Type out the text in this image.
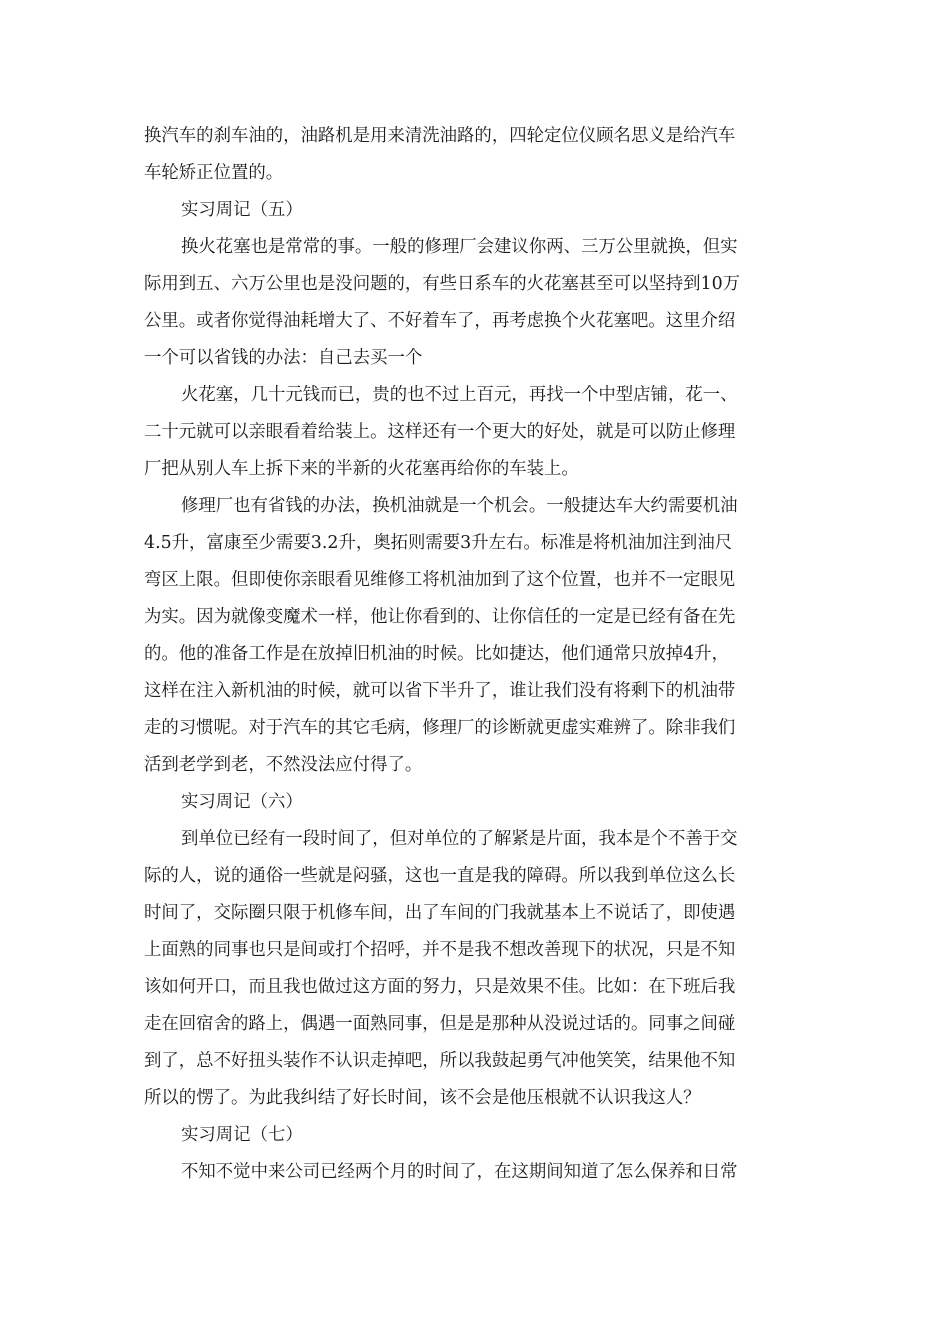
换汽车的刹车油的，油路机是用来清洗油路的，四轮定位仪顾名思义是给汽车
车轮矫正位置的。
实习周记（五）
换火花塞也是常常的事。一般的修理厂会建议你两、三万公里就换，但实
际用到五、六万公里也是没问题的，有些日系车的火花塞甚至可以坚持到10万
公里。或者你觉得油耗增大了、不好着车了，再考虑换个火花塞吧。这里介绍
一个可以省钱的办法：自己去买一个
火花塞，几十元钱而已，贵的也不过上百元，再找一个中型店铺，花一、
二十元就可以亲眼看着给装上。这样还有一个更大的好处，就是可以防止修理
厂把从别人车上拆下来的半新的火花塞再给你的车装上。
修理厂也有省钱的办法，换机油就是一个机会。一般捷达车大约需要机油
4.5升，富康至少需要3.2升，奥拓则需要3升左右。标准是将机油加注到油尺
弯区上限。但即使你亲眼看见维修工将机油加到了这个位置，也并不一定眼见
为实。因为就像变魔术一样，他让你看到的、让你信任的一定是已经有备在先
的。他的准备工作是在放掉旧机油的时候。比如捷达，他们通常只放掉4升，
这样在注入新机油的时候，就可以省下半升了，谁让我们没有将剩下的机油带
走的习惯呢。对于汽车的其它毛病，修理厂的诊断就更虚实难辨了。除非我们
活到老学到老，不然没法应付得了。
实习周记（六）
到单位已经有一段时间了，但对单位的了解紧是片面，我本是个不善于交
际的人，说的通俗一些就是闷骚，这也一直是我的障碍。所以我到单位这么长
时间了，交际圈只限于机修车间，出了车间的门我就基本上不说话了，即使遇
上面熟的同事也只是间或打个招呼，并不是我不想改善现下的状况，只是不知
该如何开口，而且我也做过这方面的努力，只是效果不佳。比如：在下班后我
走在回宿舍的路上，偶遇一面熟同事，但是是那种从没说过话的。同事之间碰
到了，总不好扭头装作不认识走掉吧，所以我鼓起勇气冲他笑笑，结果他不知
所以的愣了。为此我纠结了好长时间，该不会是他压根就不认识我这人？
实习周记（七）
不知不觉中来公司已经两个月的时间了，在这期间知道了怎么保养和日常
